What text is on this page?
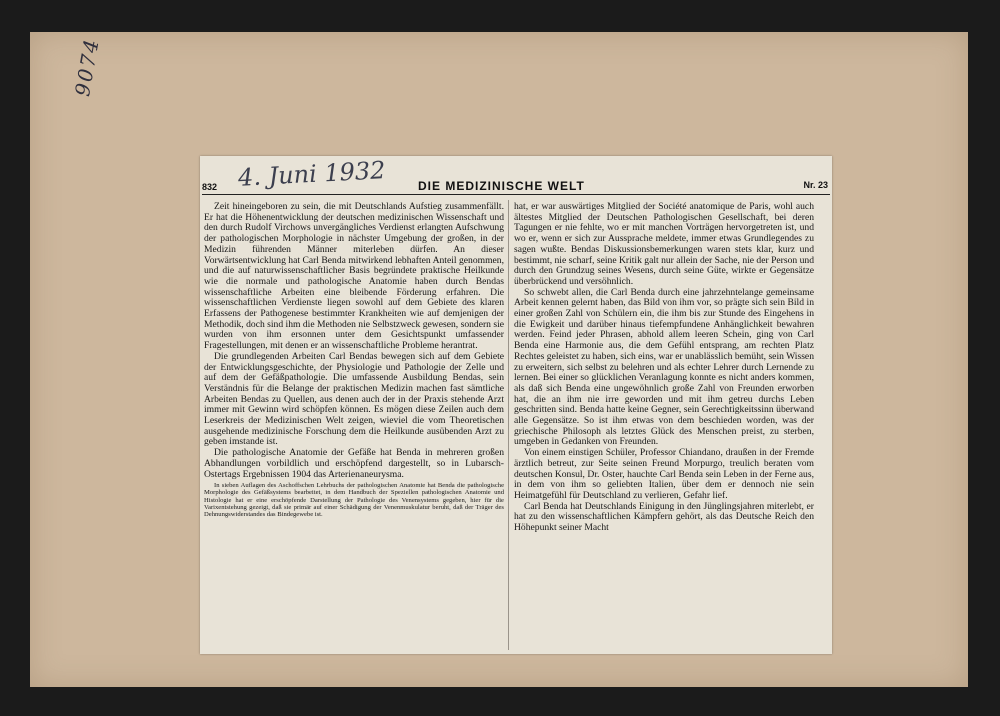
9074
4. Juni 1932
832	DIE MEDIZINISCHE WELT	Nr. 23

Zeit hineingeboren zu sein, die mit Deutschlands Aufstieg zusammenfällt. Er hat die Höhenentwicklung der deutschen medizinischen Wissenschaft und den durch Rudolf Virchows unvergängliches Verdienst erlangten Aufschwung der pathologischen Morphologie in nächster Umgebung der großen, in der Medizin führenden Männer miterleben dürfen. An dieser Vorwärtsentwicklung hat Carl Benda mitwirkend lebhaften Anteil genommen, und die auf naturwissenschaftlicher Basis begründete praktische Heilkunde wie die normale und pathologische Anatomie haben durch Bendas wissenschaftliche Arbeiten eine bleibende Förderung erfahren. Die wissenschaftlichen Verdienste liegen sowohl auf dem Gebiete des klaren Erfassens der Pathogenese bestimmter Krankheiten wie auf demjenigen der Methodik, doch sind ihm die Methoden nie Selbstzweck gewesen, sondern sie wurden von ihm ersonnen unter dem Gesichtspunkt umfassender Fragestellungen, mit denen er an wissenschaftliche Probleme herantrat.

Die grundlegenden Arbeiten Carl Bendas bewegen sich auf dem Gebiete der Entwicklungsgeschichte, der Physiologie und Pathologie der Zelle und auf dem der Gefäßpathologie. Die umfassende Ausbildung Bendas, sein Verständnis für die Belange der praktischen Medizin machen fast sämtliche Arbeiten Bendas zu Quellen, aus denen auch der in der Praxis stehende Arzt immer mit Gewinn wird schöpfen können. Es mögen diese Zeilen auch dem Leserkreis der Medizinischen Welt zeigen, wieviel die vom Theoretischen ausgehende medizinische Forschung dem die Heilkunde ausübenden Arzt zu geben imstande ist.

Die pathologische Anatomie der Gefäße hat Benda in mehreren großen Abhandlungen vorbildlich und erschöpfend dargestellt, so in Lubarsch-Ostertags Ergebnissen 1904 das Arterienaneurysma.

In sieben Auflagen des Aschoffschen Lehrbuchs der pathologischen Anatomie hat Benda die pathologische Morphologie des Gefäßsystems bearbeitet, in dem Handbuch der Speziellen pathologischen Anatomie und Histologie hat er eine erschöpfende Darstellung der Pathologie des Venensystems gegeben, hier für die Varixentstehung gezeigt, daß sie primär auf einer Schädigung der Venenmuskulatur beruht, daß der Träger des Dehnungswiderstandes das Bindegewebe ist.

hat, er war auswärtiges Mitglied der Société anatomique de Paris, wohl auch ältestes Mitglied der Deutschen Pathologischen Gesellschaft, bei deren Tagungen er nie fehlte, wo er mit manchen Vorträgen hervorgetreten ist, und wo er, wenn er sich zur Aussprache meldete, immer etwas Grundlegendes zu sagen wußte. Bendas Diskussionsbemerkungen waren stets klar, kurz und bestimmt, nie scharf, seine Kritik galt nur allein der Sache, nie der Person und durch den Grundzug seines Wesens, durch seine Güte, wirkte er Gegensätze überbrückend und versöhnlich.

So schwebt allen, die Carl Benda durch eine jahrzehntelange gemeinsame Arbeit kennen gelernt haben, das Bild von ihm vor, so prägte sich sein Bild in einer großen Zahl von Schülern ein, die ihm bis zur Stunde des Eingehens in die Ewigkeit und darüber hinaus tiefempfundene Anhänglichkeit bewahren werden. Feind jeder Phrasen, abhold allem leeren Schein, ging von Carl Benda eine Harmonie aus, die dem Gefühl entsprang, am rechten Platz Rechtes geleistet zu haben, sich eins, war er unablässlich bemüht, sein Wissen zu erweitern, sich selbst zu belehren und als echter Lehrer durch Lernende zu lernen. Bei einer so glücklichen Veranlagung konnte es nicht anders kommen, als daß sich Benda eine ungewöhnlich große Zahl von Freunden erworben hat, die an ihm nie irre geworden und mit ihm getreu durchs Leben geschritten sind. Benda hatte keine Gegner, sein Gerechtigkeitssinn überwand alle Gegensätze. So ist ihm etwas von dem beschieden worden, was der griechische Philosoph als letztes Glück des Menschen preist, zu sterben, umgeben in Gedanken von Freunden.

Von einem einstigen Schüler, Professor Chiandano, draußen in der Fremde ärztlich betreut, zur Seite seinen Freund Morpurgo, treulich beraten vom deutschen Konsul, Dr. Oster, hauchte Carl Benda sein Leben in der Ferne aus, in dem von ihm so geliebten Italien, über dem er dennoch nie sein Heimatgefühl für Deutschland zu verlieren, Gefahr lief.

Carl Benda hat Deutschlands Einigung in den Jünglingsjahren miterlebt, er hat zu den wissenschaftlichen Kämpfern gehört, als das Deutsche Reich den Höhepunkt seiner Macht
